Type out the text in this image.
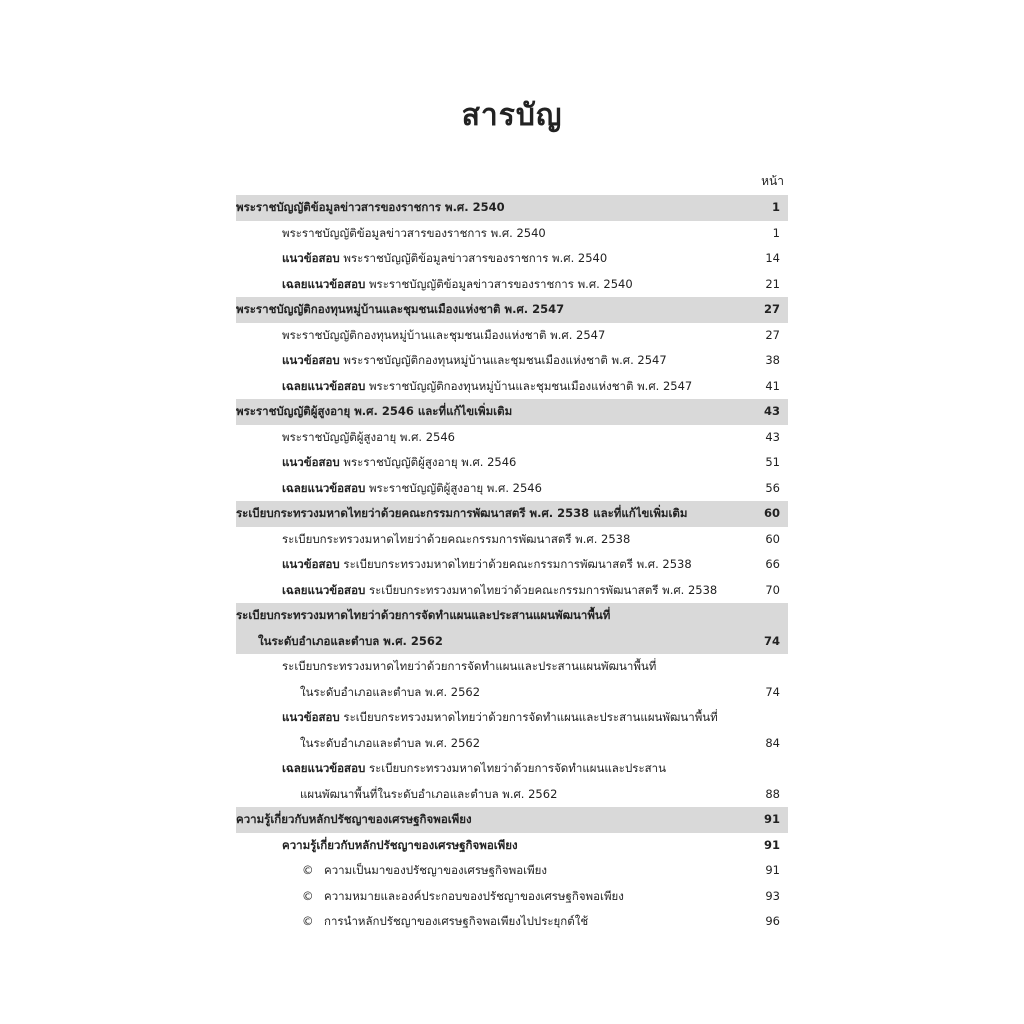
สารบัญ
หน้า
พระราชบัญญัติข้อมูลข่าวสารของราชการ พ.ศ. 2540	1
พระราชบัญญัติข้อมูลข่าวสารของราชการ พ.ศ. 2540	1
แนวข้อสอบ พระราชบัญญัติข้อมูลข่าวสารของราชการ พ.ศ. 2540	14
เฉลยแนวข้อสอบ พระราชบัญญัติข้อมูลข่าวสารของราชการ พ.ศ. 2540	21
พระราชบัญญัติกองทุนหมู่บ้านและชุมชนเมืองแห่งชาติ พ.ศ. 2547	27
พระราชบัญญัติกองทุนหมู่บ้านและชุมชนเมืองแห่งชาติ พ.ศ. 2547	27
แนวข้อสอบ พระราชบัญญัติกองทุนหมู่บ้านและชุมชนเมืองแห่งชาติ พ.ศ. 2547	38
เฉลยแนวข้อสอบ พระราชบัญญัติกองทุนหมู่บ้านและชุมชนเมืองแห่งชาติ พ.ศ. 2547	41
พระราชบัญญัติผู้สูงอายุ พ.ศ. 2546 และที่แก้ไขเพิ่มเติม	43
พระราชบัญญัติผู้สูงอายุ พ.ศ. 2546	43
แนวข้อสอบ พระราชบัญญัติผู้สูงอายุ พ.ศ. 2546	51
เฉลยแนวข้อสอบ พระราชบัญญัติผู้สูงอายุ พ.ศ. 2546	56
ระเบียบกระทรวงมหาดไทยว่าด้วยคณะกรรมการพัฒนาสตรี พ.ศ. 2538 และที่แก้ไขเพิ่มเติม	60
ระเบียบกระทรวงมหาดไทยว่าด้วยคณะกรรมการพัฒนาสตรี พ.ศ. 2538	60
แนวข้อสอบ ระเบียบกระทรวงมหาดไทยว่าด้วยคณะกรรมการพัฒนาสตรี พ.ศ. 2538	66
เฉลยแนวข้อสอบ ระเบียบกระทรวงมหาดไทยว่าด้วยคณะกรรมการพัฒนาสตรี พ.ศ. 2538	70
ระเบียบกระทรวงมหาดไทยว่าด้วยการจัดทำแผนและประสานแผนพัฒนาพื้นที่
ในระดับอำเภอและตำบล พ.ศ. 2562	74
ระเบียบกระทรวงมหาดไทยว่าด้วยการจัดทำแผนและประสานแผนพัฒนาพื้นที่
ในระดับอำเภอและตำบล พ.ศ. 2562	74
แนวข้อสอบ ระเบียบกระทรวงมหาดไทยว่าด้วยการจัดทำแผนและประสานแผนพัฒนาพื้นที่
ในระดับอำเภอและตำบล พ.ศ. 2562	84
เฉลยแนวข้อสอบ ระเบียบกระทรวงมหาดไทยว่าด้วยการจัดทำแผนและประสาน
แผนพัฒนาพื้นที่ในระดับอำเภอและตำบล พ.ศ. 2562	88
ความรู้เกี่ยวกับหลักปรัชญาของเศรษฐกิจพอเพียง	91
ความรู้เกี่ยวกับหลักปรัชญาของเศรษฐกิจพอเพียง	91
© ความเป็นมาของปรัชญาของเศรษฐกิจพอเพียง	91
© ความหมายและองค์ประกอบของปรัชญาของเศรษฐกิจพอเพียง	93
© การนำหลักปรัชญาของเศรษฐกิจพอเพียงไปประยุกต์ใช้	96
